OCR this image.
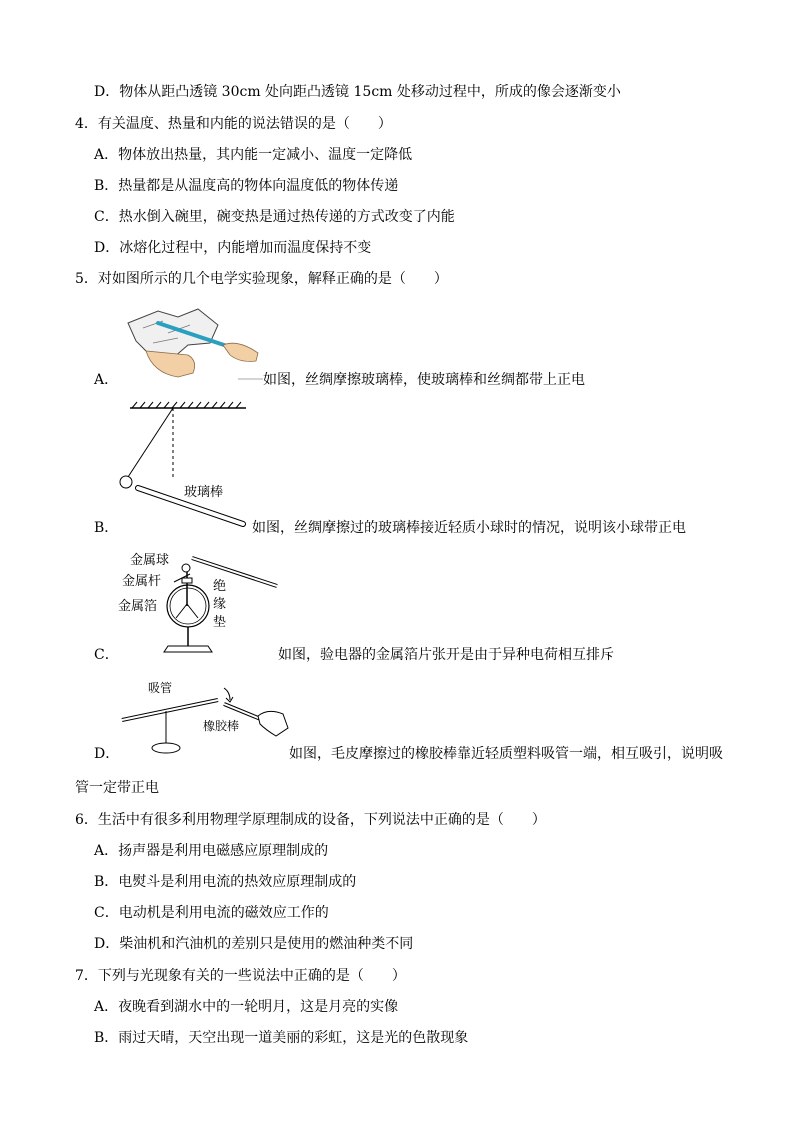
D．物体从距凸透镜 30cm 处向距凸透镜 15cm 处移动过程中，所成的像会逐渐变小
4．有关温度、热量和内能的说法错误的是（　　）
A．物体放出热量，其内能一定减小、温度一定降低
B．热量都是从温度高的物体向温度低的物体传递
C．热水倒入碗里，碗变热是通过热传递的方式改变了内能
D．冰熔化过程中，内能增加而温度保持不变
5．对如图所示的几个电学实验现象，解释正确的是（　　）
A．	如图，丝绸摩擦玻璃棒，使玻璃棒和丝绸都带上正电
玻璃棒
B．	如图，丝绸摩擦过的玻璃棒接近轻质小球时的情况，说明该小球带正电
金属球
金属杆
金属箔
绝
缘
垫
C．	如图，验电器的金属箔片张开是由于异种电荷相互排斥
吸管
橡胶棒
D．	如图，毛皮摩擦过的橡胶棒靠近轻质塑料吸管一端，相互吸引，说明吸
管一定带正电
6．生活中有很多利用物理学原理制成的设备，下列说法中正确的是（　　）
A．扬声器是利用电磁感应原理制成的
B．电熨斗是利用电流的热效应原理制成的
C．电动机是利用电流的磁效应工作的
D．柴油机和汽油机的差别只是使用的燃油种类不同
7．下列与光现象有关的一些说法中正确的是（　　）
A．夜晚看到湖水中的一轮明月，这是月亮的实像
B．雨过天晴，天空出现一道美丽的彩虹，这是光的色散现象
